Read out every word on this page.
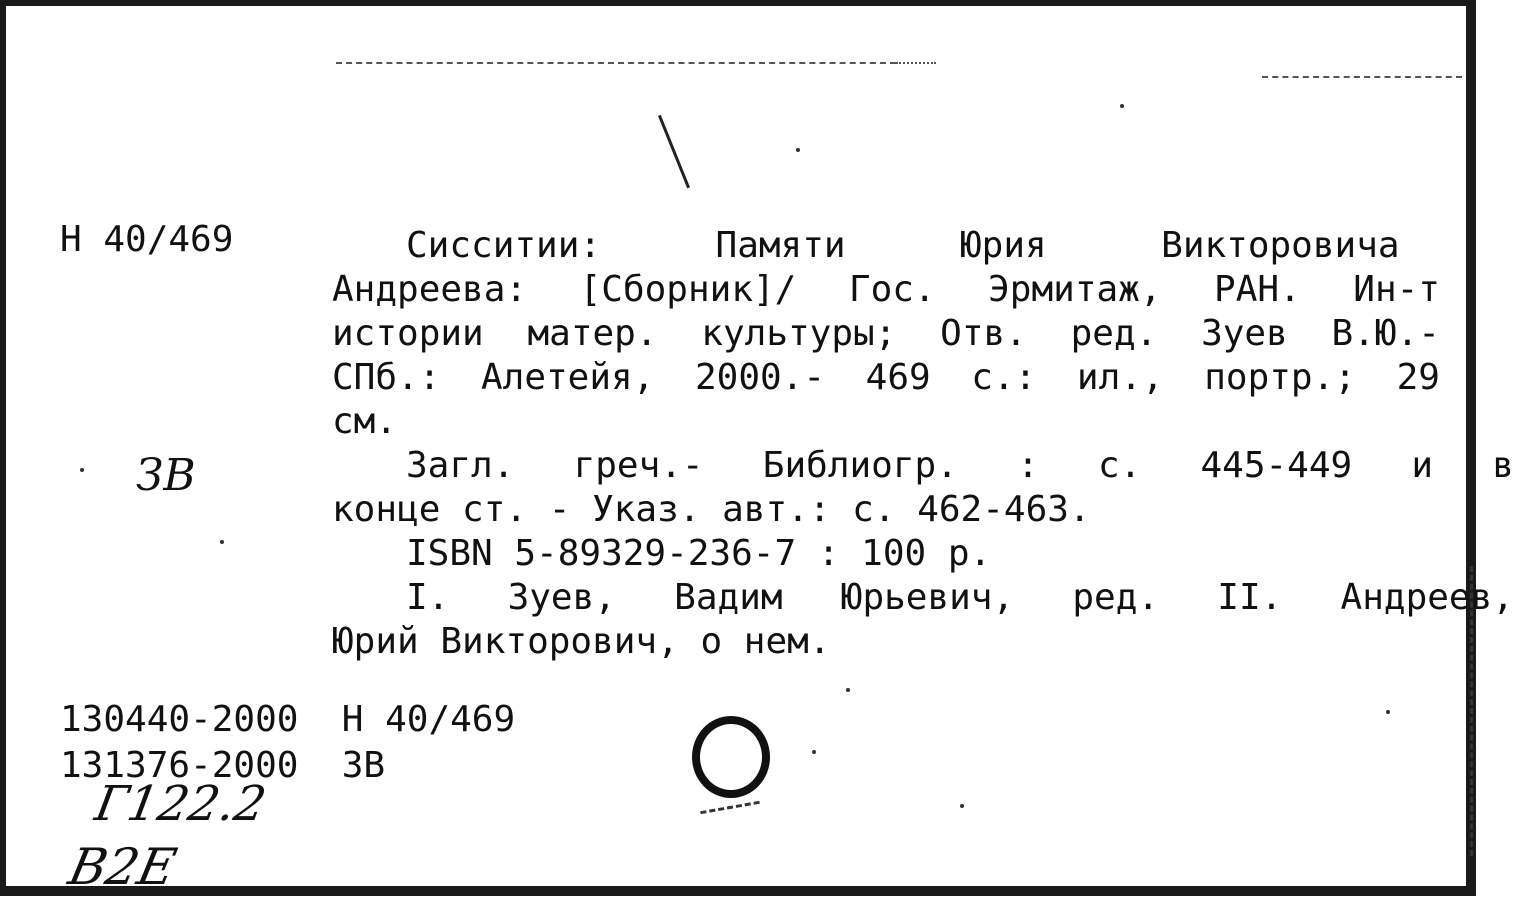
Н 40/469	Сисситии:	Памяти	Юрия	Викторовича
Андреева: [Сборник]/ Гос. Эрмитаж, РАН. Ин-т
истории матер. культуры; Отв. ред. Зуев В.Ю.-
СПб.: Алетейя, 2000.- 469 с.: ил., портр.; 29
см.
Загл. греч.- Библиогр. : с. 445-449 и в
конце ст. - Указ. авт.: с. 462-463.
ISBN 5-89329-236-7 : 100 р.
I. Зуев, Вадим Юрьевич, ред. II. Андреев,
Юрий Викторович, о нем.
ЗВ
130440-2000  Н 40/469
131376-2000  ЗВ
Г122.2
В2Е
